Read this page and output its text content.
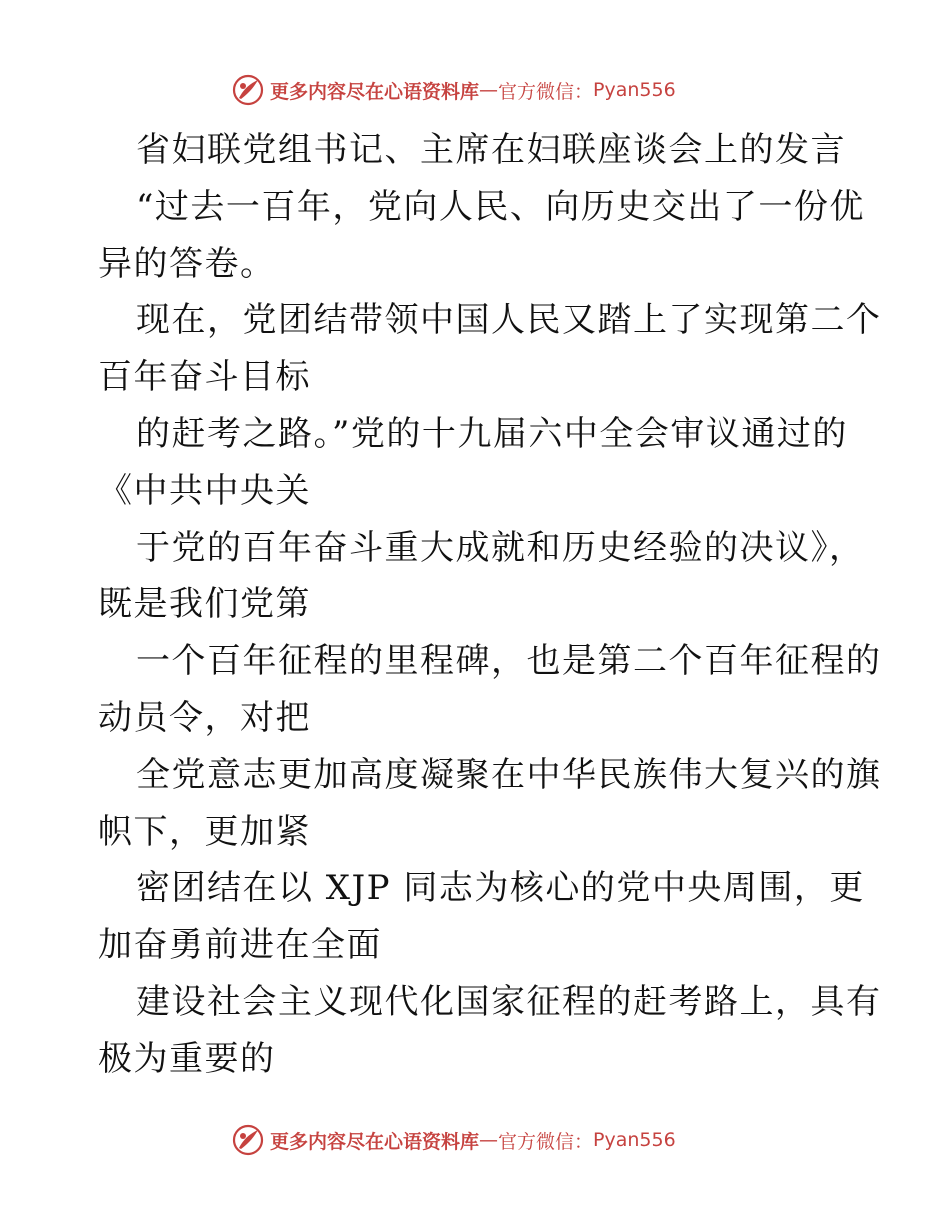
更多内容尽在心语资料库 — 官方微信： Pyan556
省妇联党组书记、主席在妇联座谈会上的发言
“过去一百年，党向人民、向历史交出了一份优
异的答卷。
现在，党团结带领中国人民又踏上了实现第二个
百年奋斗目标
的赶考之路。”党的十九届六中全会审议通过的
《中共中央关
于党的百年奋斗重大成就和历史经验的决议》，
既是我们党第
一个百年征程的里程碑，也是第二个百年征程的
动员令，对把
全党意志更加高度凝聚在中华民族伟大复兴的旗
帜下，更加紧
密团结在以 XJP 同志为核心的党中央周围，更
加奋勇前进在全面
建设社会主义现代化国家征程的赶考路上，具有
极为重要的
更多内容尽在心语资料库 — 官方微信： Pyan556
